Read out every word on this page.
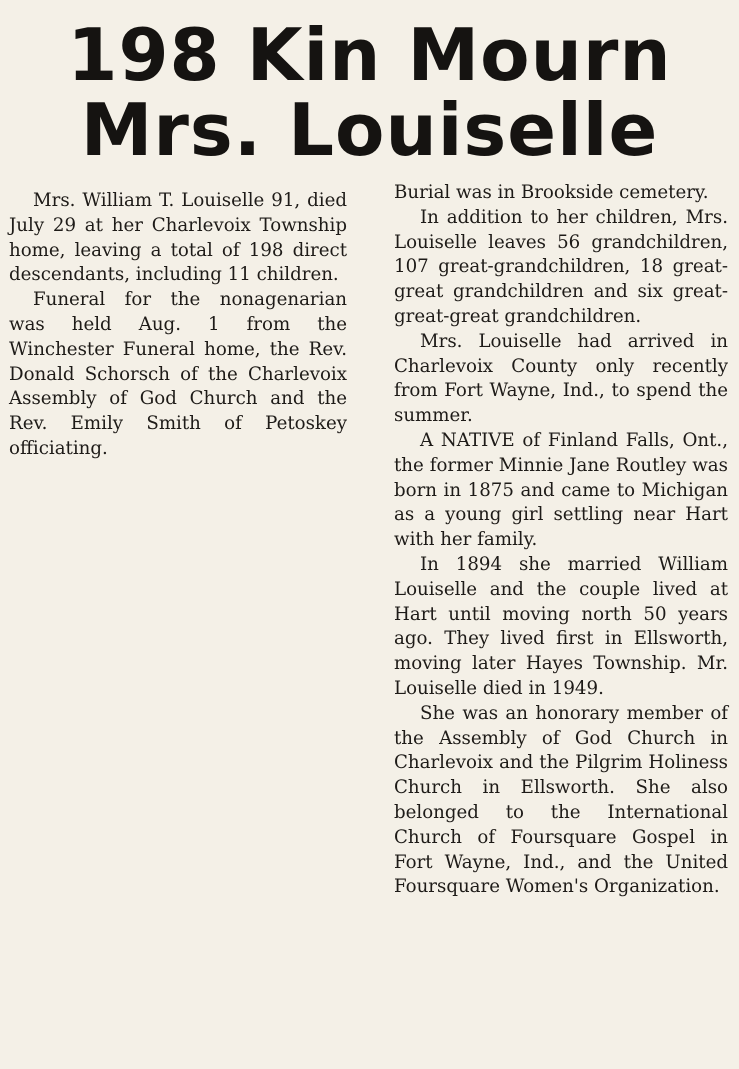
198 Kin Mourn
Mrs. Louiselle

Mrs. William T. Louiselle 91, died July 29 at her Charlevoix Township home, leaving a total of 198 direct descendants, including 11 children.

Funeral for the nonagenarian was held Aug. 1 from the Winchester Funeral home, the Rev. Donald Schorsch of the Charlevoix Assembly of God Church and the Rev. Emily Smith of Petoskey officiating.

Burial was in Brookside cemetery.

In addition to her children, Mrs. Louiselle leaves 56 grandchildren, 107 great-grandchildren, 18 great-great grandchildren and six great-great-great grandchildren.

Mrs. Louiselle had arrived in Charlevoix County only recently from Fort Wayne, Ind., to spend the summer.

A NATIVE of Finland Falls, Ont., the former Minnie Jane Routley was born in 1875 and came to Michigan as a young girl settling near Hart with her family.

In 1894 she married William Louiselle and the couple lived at Hart until moving north 50 years ago. They lived first in Ellsworth, moving later Hayes Township. Mr. Louiselle died in 1949.

She was an honorary member of the Assembly of God Church in Charlevoix and the Pilgrim Holiness Church in Ellsworth. She also belonged to the International Church of Foursquare Gospel in Fort Wayne, Ind., and the United Foursquare Women's Organization.
